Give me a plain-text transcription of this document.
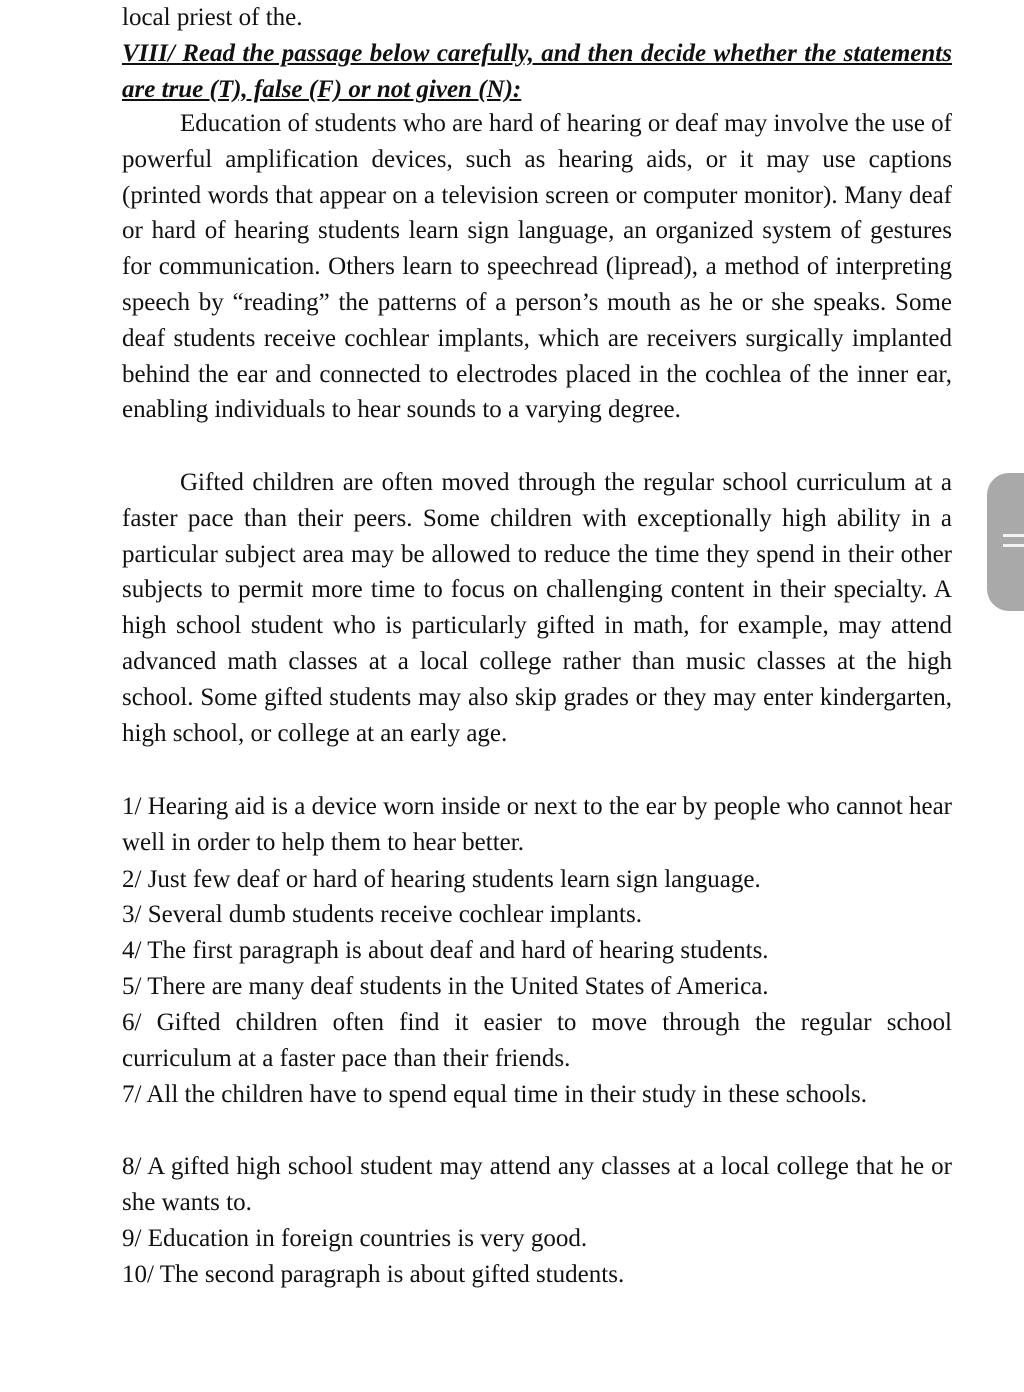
local priest of the.

VIII/ Read the passage below carefully, and then decide whether the statements are true (T), false (F) or not given (N):

Education of students who are hard of hearing or deaf may involve the use of powerful amplification devices, such as hearing aids, or it may use captions (printed words that appear on a television screen or computer monitor). Many deaf or hard of hearing students learn sign language, an organized system of gestures for communication. Others learn to speechread (lipread), a method of interpreting speech by “reading” the patterns of a person’s mouth as he or she speaks. Some deaf students receive cochlear implants, which are receivers surgically implanted behind the ear and connected to electrodes placed in the cochlea of the inner ear, enabling individuals to hear sounds to a varying degree.

Gifted children are often moved through the regular school curriculum at a faster pace than their peers. Some children with exceptionally high ability in a particular subject area may be allowed to reduce the time they spend in their other subjects to permit more time to focus on challenging content in their specialty. A high school student who is particularly gifted in math, for example, may attend advanced math classes at a local college rather than music classes at the high school. Some gifted students may also skip grades or they may enter kindergarten, high school, or college at an early age.

1/ Hearing aid is a device worn inside or next to the ear by people who cannot hear well in order to help them to hear better.

2/ Just few deaf or hard of hearing students learn sign language.

3/ Several dumb students receive cochlear implants.

4/ The first paragraph is about deaf and hard of hearing students.

5/ There are many deaf students in the United States of America.

6/ Gifted children often find it easier to move through the regular school curriculum at a faster pace than their friends.

7/ All the children have to spend equal time in their study in these schools.

8/ A gifted high school student may attend any classes at a local college that he or she wants to.

9/ Education in foreign countries is very good.

10/ The second paragraph is about gifted students.
